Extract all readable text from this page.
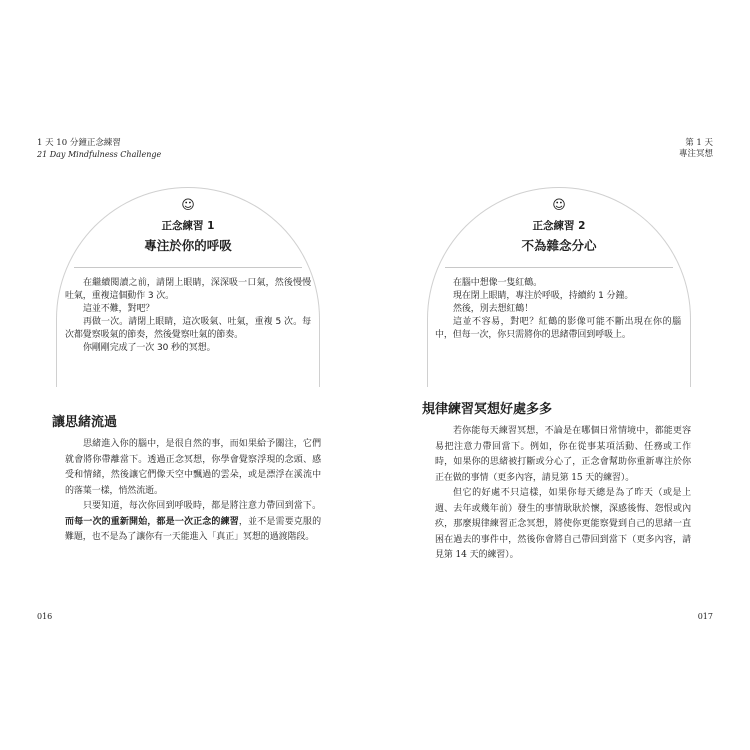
1 天 10 分鐘正念練習
21 Day Mindfulness Challenge
☺
正念練習 1
專注於你的呼吸

在繼續閱讀之前，請閉上眼睛，深深吸一口氣，然後慢慢吐氣，重複這個動作 3 次。

這並不難，對吧？

再做一次。請閉上眼睛，這次吸氣、吐氣，重複 5 次。每次都覺察吸氣的節奏，然後覺察吐氣的節奏。

你剛剛完成了一次 30 秒的冥想。

讓思緒流過

思緒進入你的腦中，是很自然的事，而如果給予關注，它們就會將你帶離當下。透過正念冥想，你學會覺察浮現的念頭、感受和情緒，然後讓它們像天空中飄過的雲朵，或是漂浮在溪流中的落葉一樣，悄然流逝。

只要知道，每次你回到呼吸時，都是將注意力帶回到當下。而每一次的重新開始，都是一次正念的練習，並不是需要克服的難題，也不是為了讓你有一天能進入「真正」冥想的過渡階段。

016
第 1 天
專注冥想
☺
正念練習 2
不為雜念分心

在腦中想像一隻紅鶴。

現在閉上眼睛，專注於呼吸，持續約 1 分鐘。

然後，別去想紅鶴！

這並不容易，對吧？紅鶴的影像可能不斷出現在你的腦中，但每一次，你只需將你的思緒帶回到呼吸上。

規律練習冥想好處多多

若你能每天練習冥想，不論是在哪個日常情境中，都能更容易把注意力帶回當下。例如，你在從事某項活動、任務或工作時，如果你的思緒被打斷或分心了，正念會幫助你重新專注於你正在做的事情（更多內容，請見第 15 天的練習）。

但它的好處不只這樣，如果你每天總是為了昨天（或是上週、去年或幾年前）發生的事情耿耿於懷，深感後悔、怨恨或內疚，那麼規律練習正念冥想，將使你更能察覺到自己的思緒一直困在過去的事件中，然後你會將自己帶回到當下（更多內容，請見第 14 天的練習）。

017
